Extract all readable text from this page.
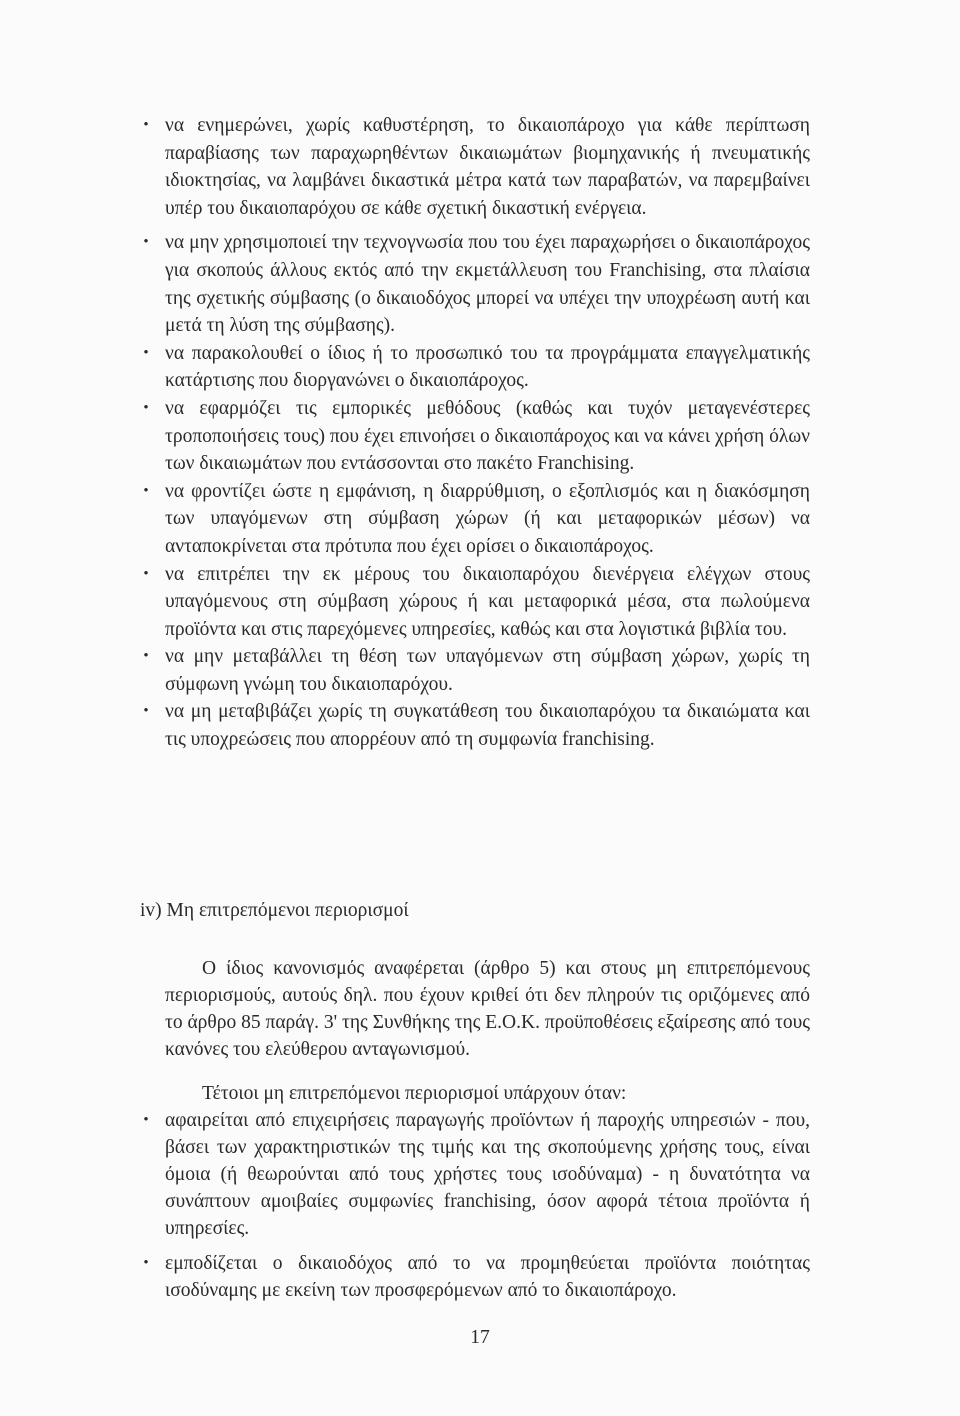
• να ενημερώνει, χωρίς καθυστέρηση, το δικαιοπάροχο για κάθε περίπτωση παραβίασης των παραχωρηθέντων δικαιωμάτων βιομηχανικής ή πνευματικής ιδιοκτησίας, να λαμβάνει δικαστικά μέτρα κατά των παραβατών, να παρεμβαίνει υπέρ του δικαιοπαρόχου σε κάθε σχετική δικαστική ενέργεια.
• να μην χρησιμοποιεί την τεχνογνωσία που του έχει παραχωρήσει ο δικαιοπάροχος για σκοπούς άλλους εκτός από την εκμετάλλευση του Franchising, στα πλαίσια της σχετικής σύμβασης (ο δικαιοδόχος μπορεί να υπέχει την υποχρέωση αυτή και μετά τη λύση της σύμβασης).
• να παρακολουθεί ο ίδιος ή το προσωπικό του τα προγράμματα επαγγελματικής κατάρτισης που διοργανώνει ο δικαιοπάροχος.
• να εφαρμόζει τις εμπορικές μεθόδους (καθώς και τυχόν μεταγενέστερες τροποποιήσεις τους) που έχει επινοήσει ο δικαιοπάροχος και να κάνει χρήση όλων των δικαιωμάτων που εντάσσονται στο πακέτο Franchising.
• να φροντίζει ώστε η εμφάνιση, η διαρρύθμιση, ο εξοπλισμός και η διακόσμηση των υπαγόμενων στη σύμβαση χώρων (ή και μεταφορικών μέσων) να ανταποκρίνεται στα πρότυπα που έχει ορίσει ο δικαιοπάροχος.
• να επιτρέπει την εκ μέρους του δικαιοπαρόχου διενέργεια ελέγχων στους υπαγόμενους στη σύμβαση χώρους ή και μεταφορικά μέσα, στα πωλούμενα προϊόντα και στις παρεχόμενες υπηρεσίες, καθώς και στα λογιστικά βιβλία του.
• να μην μεταβάλλει τη θέση των υπαγόμενων στη σύμβαση χώρων, χωρίς τη σύμφωνη γνώμη του δικαιοπαρόχου.
• να μη μεταβιβάζει χωρίς τη συγκατάθεση του δικαιοπαρόχου τα δικαιώματα και τις υποχρεώσεις που απορρέουν από τη συμφωνία franchising.
iv) Μη επιτρεπόμενοι περιορισμοί

Ο ίδιος κανονισμός αναφέρεται (άρθρο 5) και στους μη επιτρεπόμενους περιορισμούς, αυτούς δηλ. που έχουν κριθεί ότι δεν πληρούν τις οριζόμενες από το άρθρο 85 παράγ. 3' της Συνθήκης της Ε.Ο.Κ. προϋποθέσεις εξαίρεσης από τους κανόνες του ελεύθερου ανταγωνισμού.

Τέτοιοι μη επιτρεπόμενοι περιορισμοί υπάρχουν όταν:

• αφαιρείται από επιχειρήσεις παραγωγής προϊόντων ή παροχής υπηρεσιών - που, βάσει των χαρακτηριστικών της τιμής και της σκοπούμενης χρήσης τους, είναι όμοια (ή θεωρούνται από τους χρήστες τους ισοδύναμα) - η δυνατότητα να συνάπτουν αμοιβαίες συμφωνίες franchising, όσον αφορά τέτοια προϊόντα ή υπηρεσίες.
• εμποδίζεται ο δικαιοδόχος από το να προμηθεύεται προϊόντα ποιότητας ισοδύναμης με εκείνη των προσφερόμενων από το δικαιοπάροχο.
17
